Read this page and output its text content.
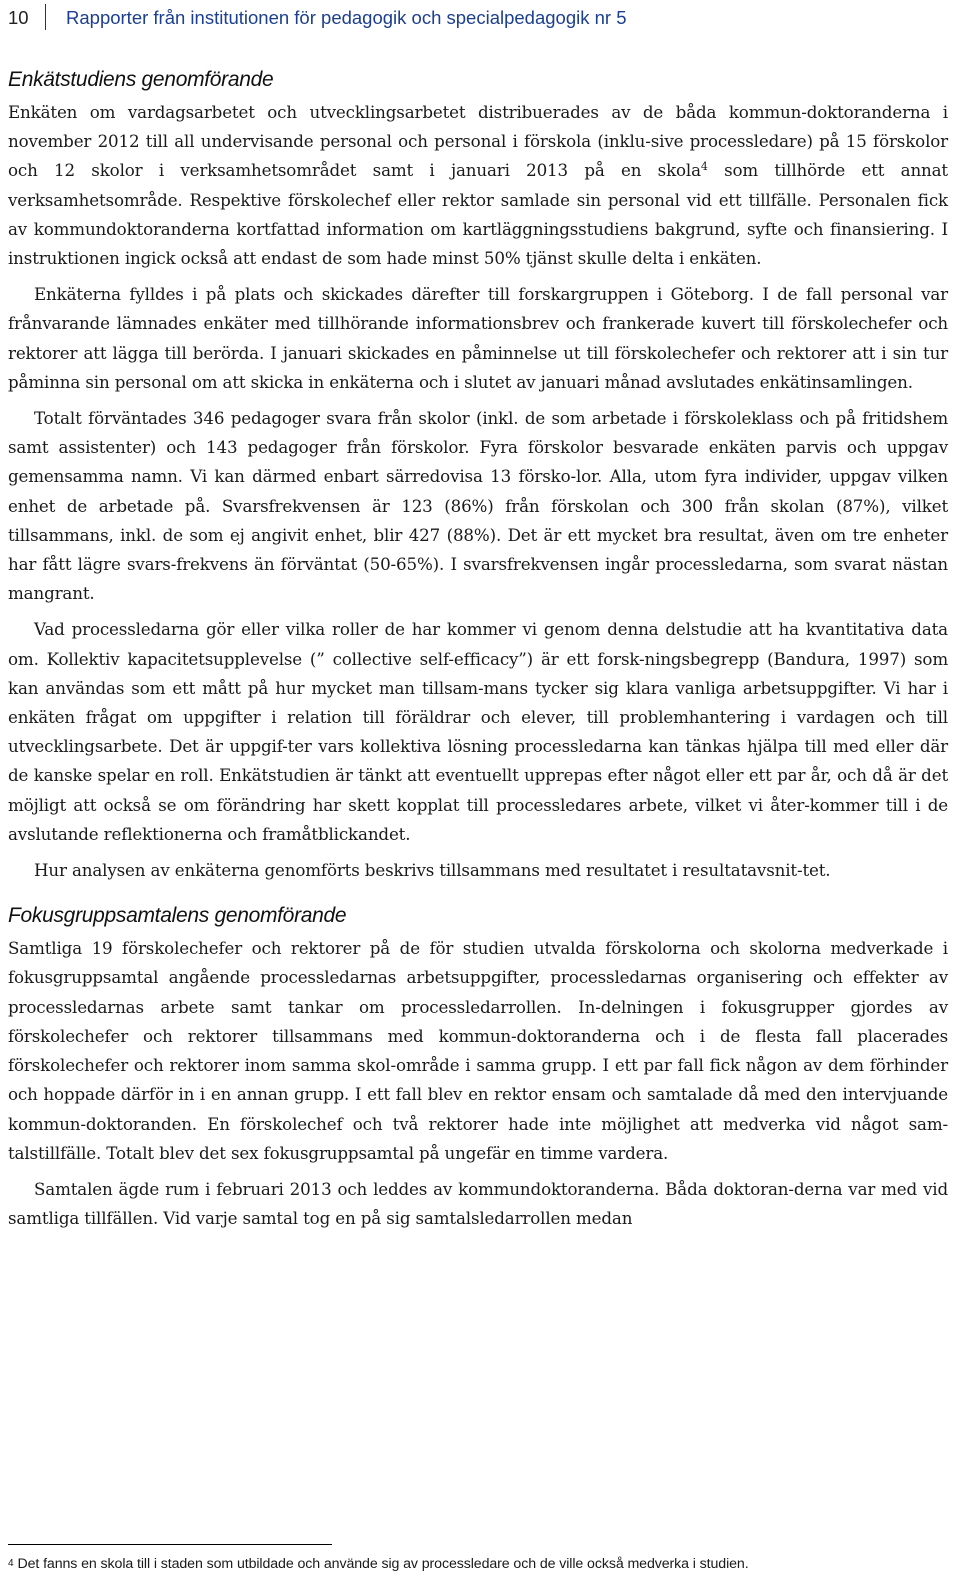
10 Rapporter från institutionen för pedagogik och specialpedagogik nr 5
Enkätstudiens genomförande

Enkäten om vardagsarbetet och utvecklingsarbetet distribuerades av de båda kommun-doktoranderna i november 2012 till all undervisande personal och personal i förskola (inklu-sive processledare) på 15 förskolor och 12 skolor i verksamhetsområdet samt i januari 2013 på en skola$^4$ som tillhörde ett annat verksamhetsområde. Respektive förskolechef eller rektor samlade sin personal vid ett tillfälle. Personalen fick av kommundoktoranderna kortfattad information om kartläggningsstudiens bakgrund, syfte och finansiering. I instruktionen ingick också att endast de som hade minst 50% tjänst skulle delta i enkäten.

Enkäterna fylldes i på plats och skickades därefter till forskargruppen i Göteborg. I de fall personal var frånvarande lämnades enkäter med tillhörande informationsbrev och frankerade kuvert till förskolechefer och rektorer att lägga till berörda. I januari skickades en påminnelse ut till förskolechefer och rektorer att i sin tur påminna sin personal om att skicka in enkäterna och i slutet av januari månad avslutades enkätinsamlingen.

Totalt förväntades 346 pedagoger svara från skolor (inkl. de som arbetade i förskoleklass och på fritidshem samt assistenter) och 143 pedagoger från förskolor. Fyra förskolor besvarade enkäten parvis och uppgav gemensamma namn. Vi kan därmed enbart särredovisa 13 försko-lor. Alla, utom fyra individer, uppgav vilken enhet de arbetade på. Svarsfrekvensen är 123 (86%) från förskolan och 300 från skolan (87%), vilket tillsammans, inkl. de som ej angivit enhet, blir 427 (88%). Det är ett mycket bra resultat, även om tre enheter har fått lägre svars-frekvens än förväntat (50-65%). I svarsfrekvensen ingår processledarna, som svarat nästan mangrant.

Vad processledarna gör eller vilka roller de har kommer vi genom denna delstudie att ha kvantitativa data om. Kollektiv kapacitetsupplevelse (” collective self-efficacy”) är ett forsk-ningsbegrepp (Bandura, 1997) som kan användas som ett mått på hur mycket man tillsam-mans tycker sig klara vanliga arbetsuppgifter. Vi har i enkäten frågat om uppgifter i relation till föräldrar och elever, till problemhantering i vardagen och till utvecklingsarbete. Det är uppgif-ter vars kollektiva lösning processledarna kan tänkas hjälpa till med eller där de kanske spelar en roll. Enkätstudien är tänkt att eventuellt upprepas efter något eller ett par år, och då är det möjligt att också se om förändring har skett kopplat till processledares arbete, vilket vi åter-kommer till i de avslutande reflektionerna och framåtblickandet.

Hur analysen av enkäterna genomförts beskrivs tillsammans med resultatet i resultatavsnit-tet.

Fokusgruppsamtalens genomförande

Samtliga 19 förskolechefer och rektorer på de för studien utvalda förskolorna och skolorna medverkade i fokusgruppsamtal angående processledarnas arbetsuppgifter, processledarnas organisering och effekter av processledarnas arbete samt tankar om processledarrollen. In-delningen i fokusgrupper gjordes av förskolechefer och rektorer tillsammans med kommun-doktoranderna och i de flesta fall placerades förskolechefer och rektorer inom samma skol-område i samma grupp. I ett par fall fick någon av dem förhinder och hoppade därför in i en annan grupp. I ett fall blev en rektor ensam och samtalade då med den intervjuande kommun-doktoranden. En förskolechef och två rektorer hade inte möjlighet att medverka vid något sam-talstillfälle. Totalt blev det sex fokusgruppsamtal på ungefär en timme vardera.

Samtalen ägde rum i februari 2013 och leddes av kommundoktoranderna. Båda doktoran-derna var med vid samtliga tillfällen. Vid varje samtal tog en på sig samtalsledarrollen medan

4 Det fanns en skola till i staden som utbildade och använde sig av processledare och de ville också medverka i studien.
